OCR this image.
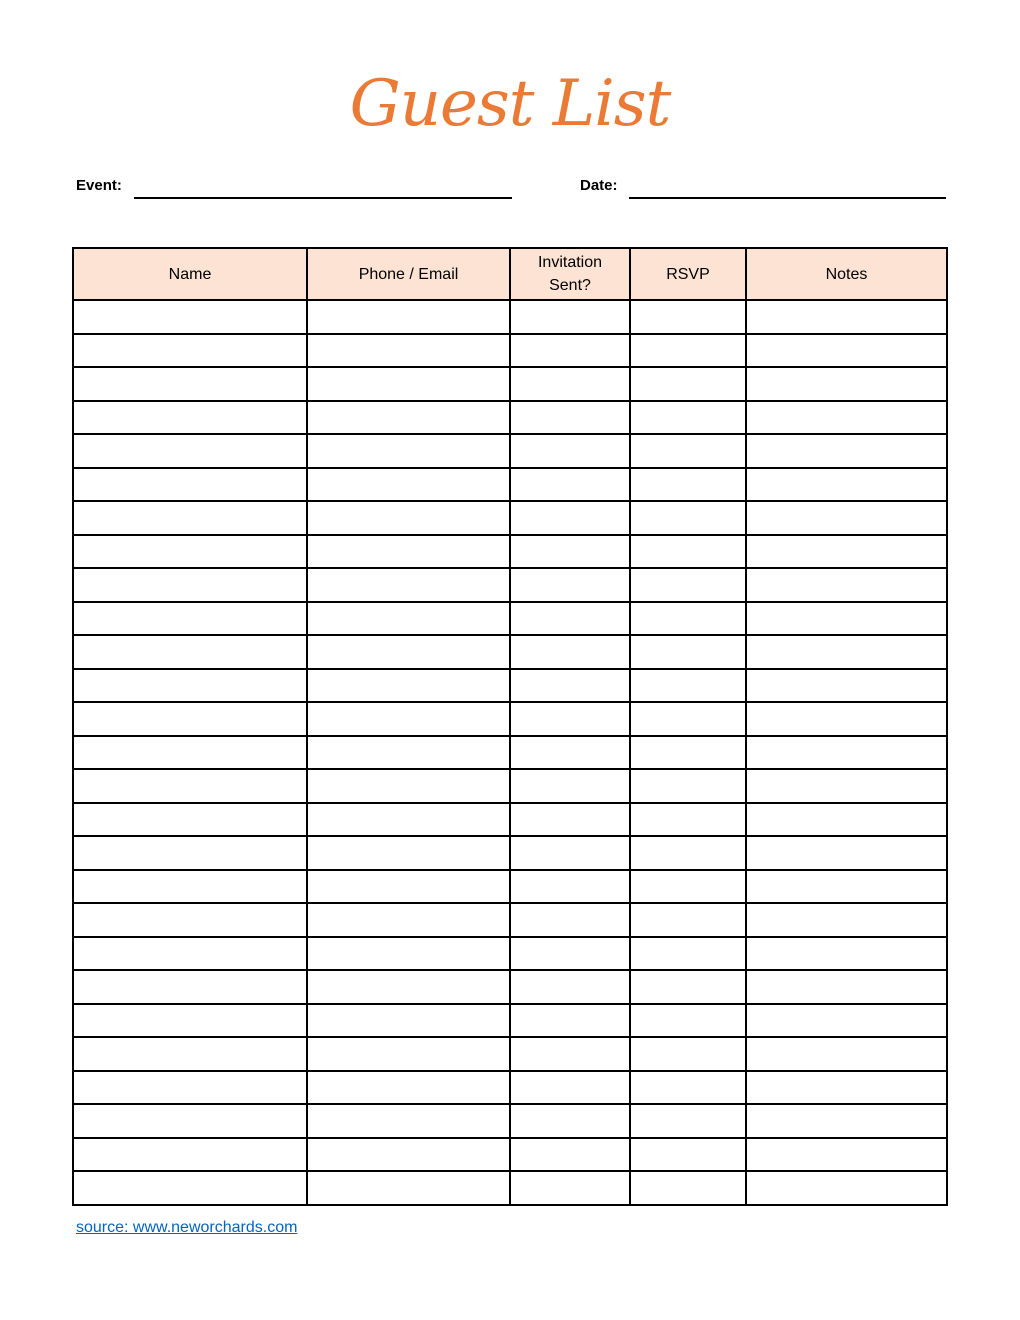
Guest List
Event:	Date:
Name	Phone / Email	Invitation Sent?	RSVP	Notes

source: www.neworchards.com
